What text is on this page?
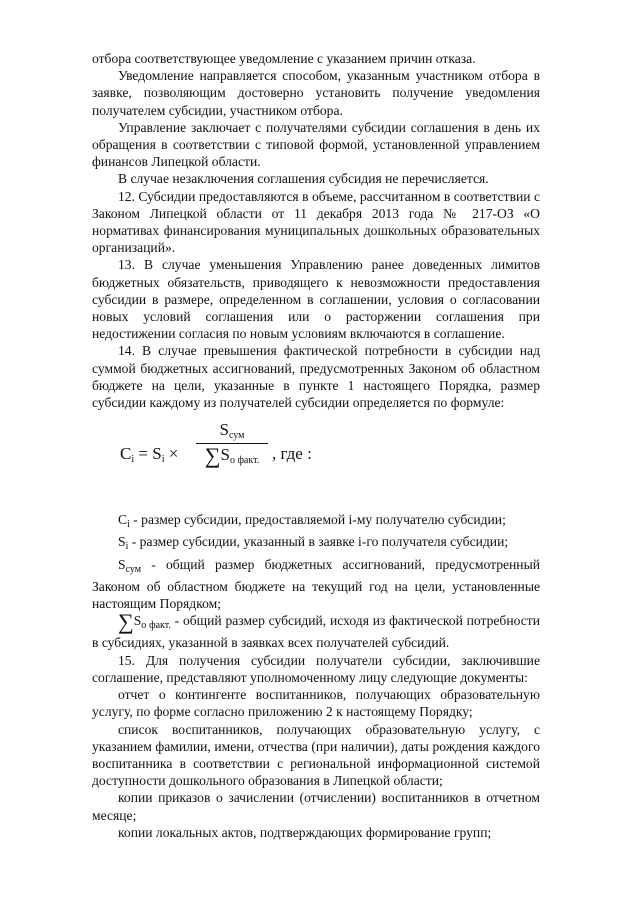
отбора соответствующее уведомление с указанием причин отказа.

Уведомление направляется способом, указанным участником отбора в заявке, позволяющим достоверно установить получение уведомления получателем субсидии, участником отбора.

Управление заключает с получателями субсидии соглашения в день их обращения в соответствии с типовой формой, установленной управлением финансов Липецкой области.

В случае незаключения соглашения субсидия не перечисляется.

12. Субсидии предоставляются в объеме, рассчитанном в соответствии с Законом Липецкой области от 11 декабря 2013 года № 217-ОЗ «О нормативах финансирования муниципальных дошкольных образовательных организаций».

13. В случае уменьшения Управлению ранее доведенных лимитов бюджетных обязательств, приводящего к невозможности предоставления субсидии в размере, определенном в соглашении, условия о согласовании новых условий соглашения или о расторжении соглашения при недостижении согласия по новым условиям включаются в соглашение.

14. В случае превышения фактической потребности в субсидии над суммой бюджетных ассигнований, предусмотренных Законом об областном бюджете на цели, указанные в пункте 1 настоящего Порядка, размер субсидии каждому из получателей субсидии определяется по формуле:

$C_i = S_i$ ×
$S_{сум}$
$\sum S_{о факт.}$ , где :

$C_i$ - размер субсидии, предоставляемой i-му получателю субсидии;

$S_i$ - размер субсидии, указанный в заявке i-го получателя субсидии;

$S_{сум}$ - общий размер бюджетных ассигнований, предусмотренный Законом об областном бюджете на текущий год на цели, установленные настоящим Порядком;

$\sum S_{о факт.}$ - общий размер субсидий, исходя из фактической потребности в субсидиях, указанной в заявках всех получателей субсидий.

15. Для получения субсидии получатели субсидии, заключившие соглашение, представляют уполномоченному лицу следующие документы:

отчет о контингенте воспитанников, получающих образовательную услугу, по форме согласно приложению 2 к настоящему Порядку;

список воспитанников, получающих образовательную услугу, с указанием фамилии, имени, отчества (при наличии), даты рождения каждого воспитанника в соответствии с региональной информационной системой доступности дошкольного образования в Липецкой области;

копии приказов о зачислении (отчислении) воспитанников в отчетном месяце;

копии локальных актов, подтверждающих формирование групп;
